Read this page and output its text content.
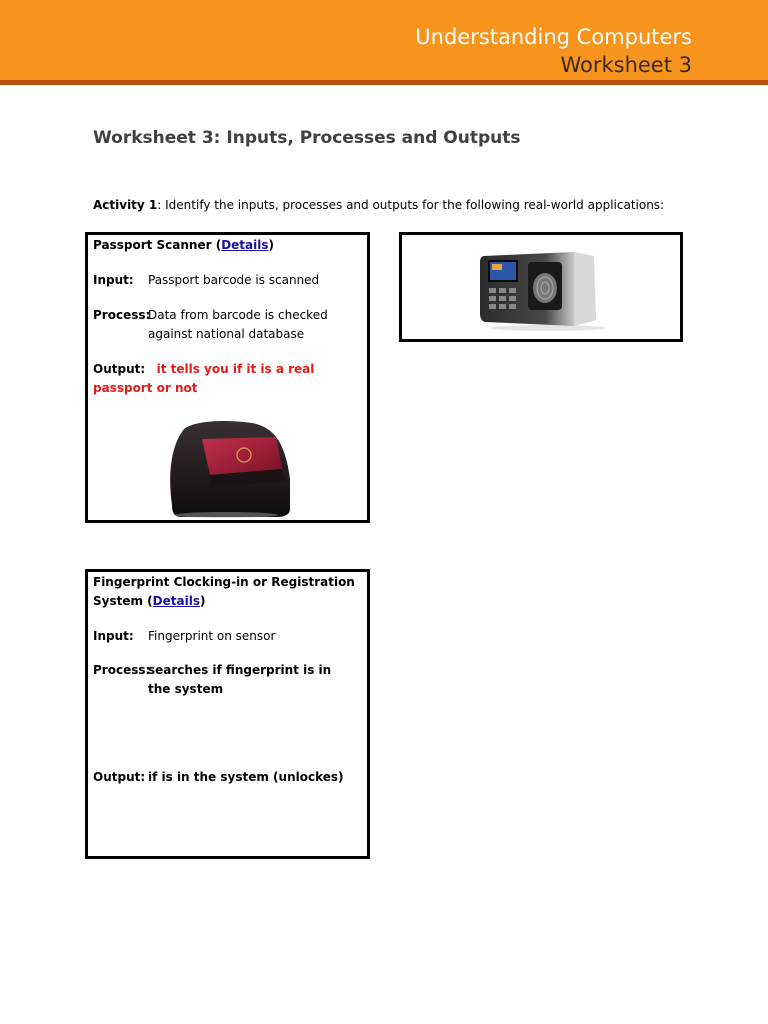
Understanding Computers
Worksheet 3
Worksheet 3: Inputs, Processes and Outputs
Activity 1: Identify the inputs, processes and outputs for the following real-world applications:
Passport Scanner (Details)
Input:	Passport barcode is scanned
Process:
Data from barcode is checked against national database
Output: it tells you if it is a real passport or not
Fingerprint Clocking-in or Registration System (Details)
Input:	Fingerprint on sensor
Process:
searches if fingerprint is in the system
Output: if is in the system (unlockes)
